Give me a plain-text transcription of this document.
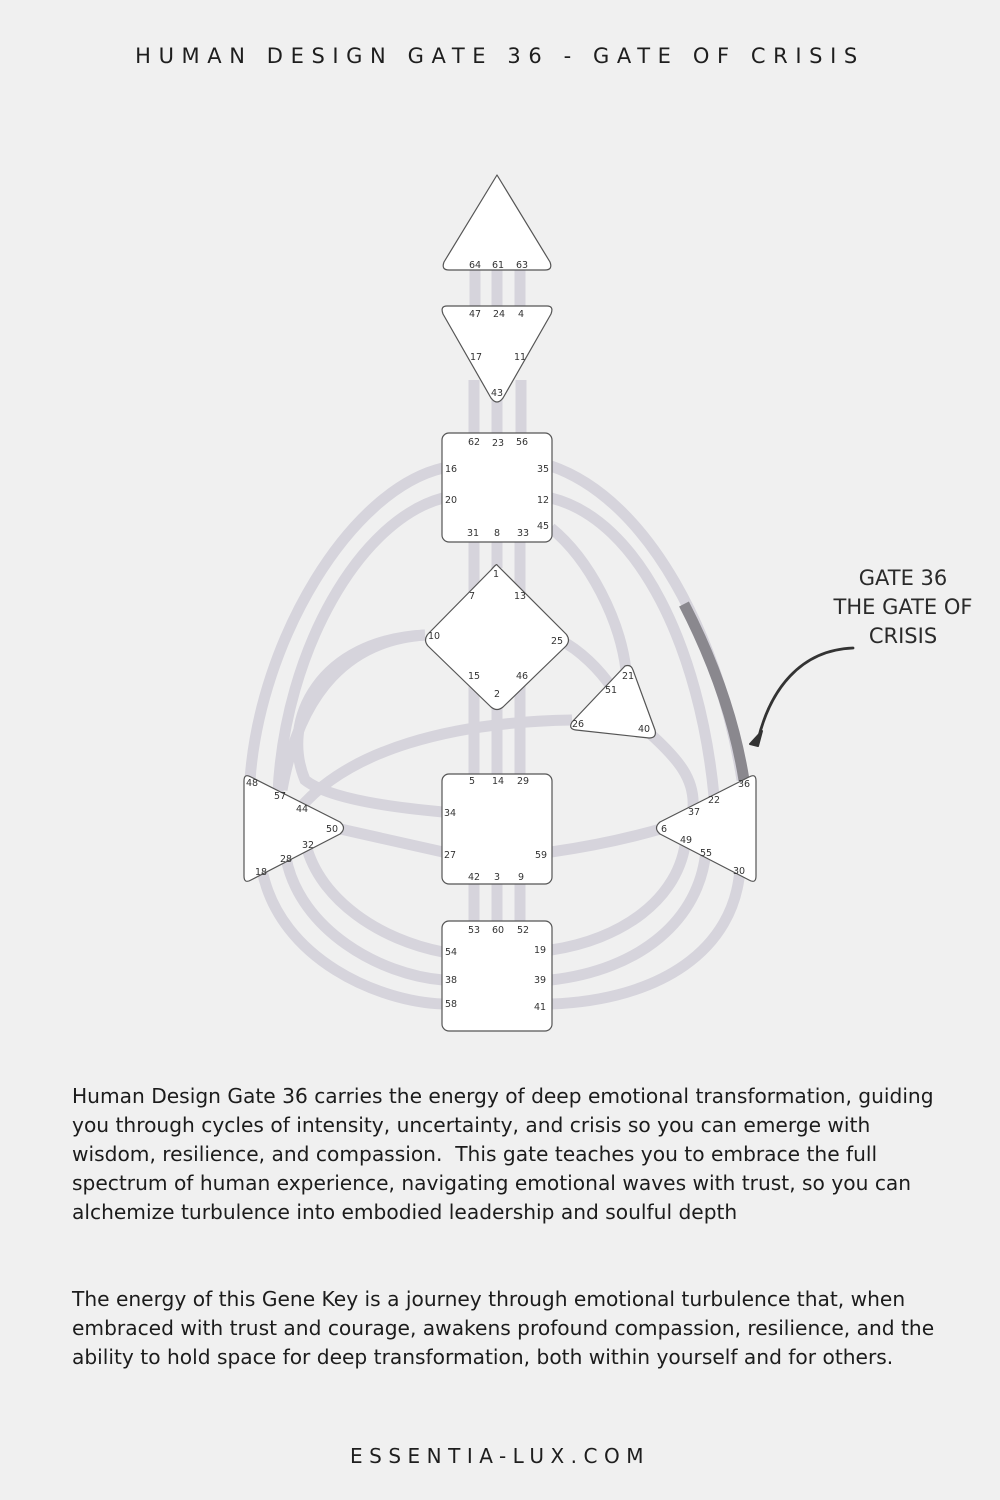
HUMAN DESIGN GATE 36 - GATE OF CRISIS
64 61 63
47 24 4
17	11
43
62 23 56
16	35
20	12
45
31 8 33
1
7	13
10	25
15	46
2
21
51
26	40
5 14 29
34
27	59
42 3 9
48
57
44
50
32
28
18
36
22
37
6
49
55
30
53 60 52
54	19
38	39
58	41
GATE 36
THE GATE OF
CRISIS
Human Design Gate 36 carries the energy of deep emotional transformation, guiding you through cycles of intensity, uncertainty, and crisis so you can emerge with wisdom, resilience, and compassion.  This gate teaches you to embrace the full spectrum of human experience, navigating emotional waves with trust, so you can alchemize turbulence into embodied leadership and soulful depth
The energy of this Gene Key is a journey through emotional turbulence that, when embraced with trust and courage, awakens profound compassion, resilience, and the ability to hold space for deep transformation, both within yourself and for others.
ESSENTIA-LUX.COM
